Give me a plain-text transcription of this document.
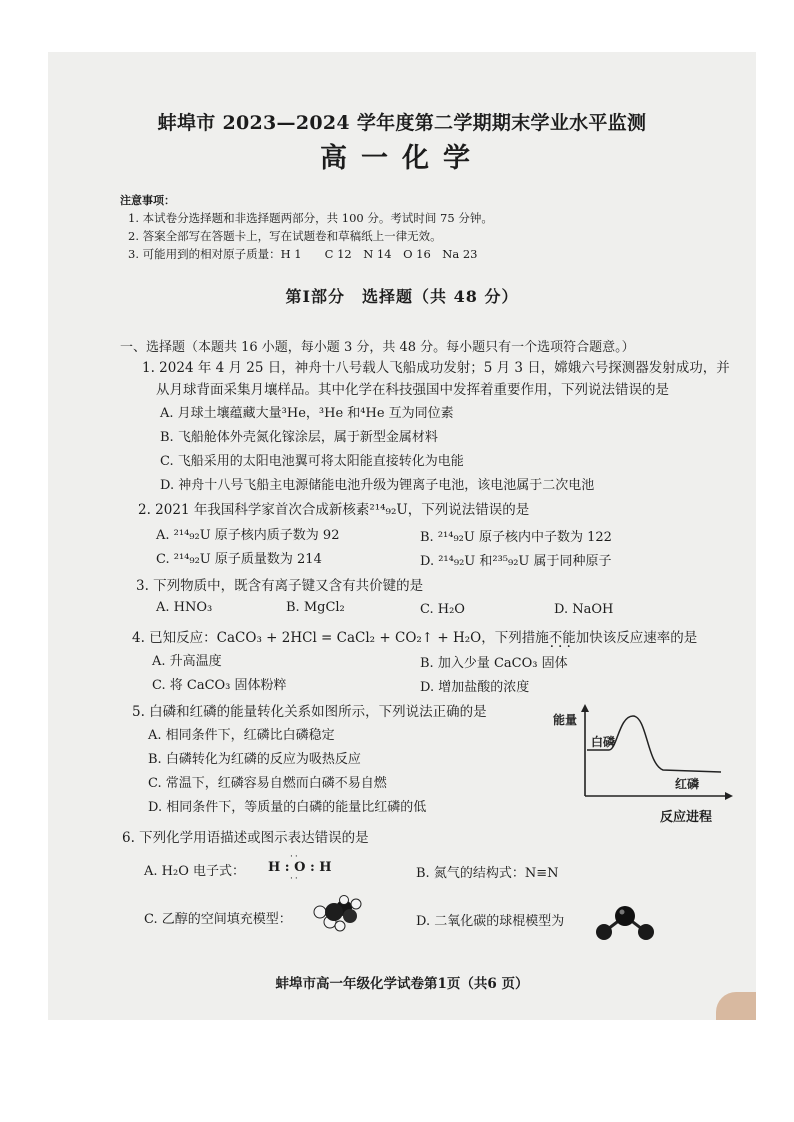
蚌埠市 2023—2024 学年度第二学期期末学业水平监测
高一化学
注意事项：
1. 本试卷分选择题和非选择题两部分，共 100 分。考试时间 75 分钟。
2. 答案全部写在答题卡上，写在试题卷和草稿纸上一律无效。
3. 可能用到的相对原子质量：H 1　　C 12　N 14　O 16　Na 23
第Ⅰ部分　选择题（共 48 分）
一、选择题（本题共 16 小题，每小题 3 分，共 48 分。每小题只有一个选项符合题意。）
1. 2024 年 4 月 25 日，神舟十八号载人飞船成功发射；5 月 3 日，嫦娥六号探测器发射成功，并
从月球背面采集月壤样品。其中化学在科技强国中发挥着重要作用，下列说法错误的是
A. 月球土壤蕴藏大量³He，³He 和⁴He 互为同位素
B. 飞船舱体外壳氮化镓涂层，属于新型金属材料
C. 飞船采用的太阳电池翼可将太阳能直接转化为电能
D. 神舟十八号飞船主电源储能电池升级为锂离子电池，该电池属于二次电池
2. 2021 年我国科学家首次合成新核素²¹⁴₉₂U，下列说法错误的是
A. ²¹⁴₉₂U 原子核内质子数为 92	B. ²¹⁴₉₂U 原子核内中子数为 122
C. ²¹⁴₉₂U 原子质量数为 214	D. ²¹⁴₉₂U 和²³⁵₉₂U 属于同种原子
3. 下列物质中，既含有离子键又含有共价键的是
A. HNO₃	B. MgCl₂	C. H₂O	D. NaOH
4. 已知反应：CaCO₃ + 2HCl = CaCl₂ + CO₂↑ + H₂O，下列措施不能 ···加快该反应速率的是
A. 升高温度	B. 加入少量 CaCO₃ 固体
C. 将 CaCO₃ 固体粉粹	D. 增加盐酸的浓度
5. 白磷和红磷的能量转化关系如图所示，下列说法正确的是
A. 相同条件下，红磷比白磷稳定
B. 白磷转化为红磷的反应为吸热反应
C. 常温下，红磷容易自燃而白磷不易自燃
D. 相同条件下，等质量的白磷的能量比红磷的低
能量
白磷
红磷
反应进程
6. 下列化学用语描述或图示表达错误的是
A. H₂O 电子式： H : O : H
··
··	B. 氮气的结构式：N≡N
C. 乙醇的空间填充模型：	D. 二氧化碳的球棍模型为
蚌埠市高一年级化学试卷第1页（共6 页）
